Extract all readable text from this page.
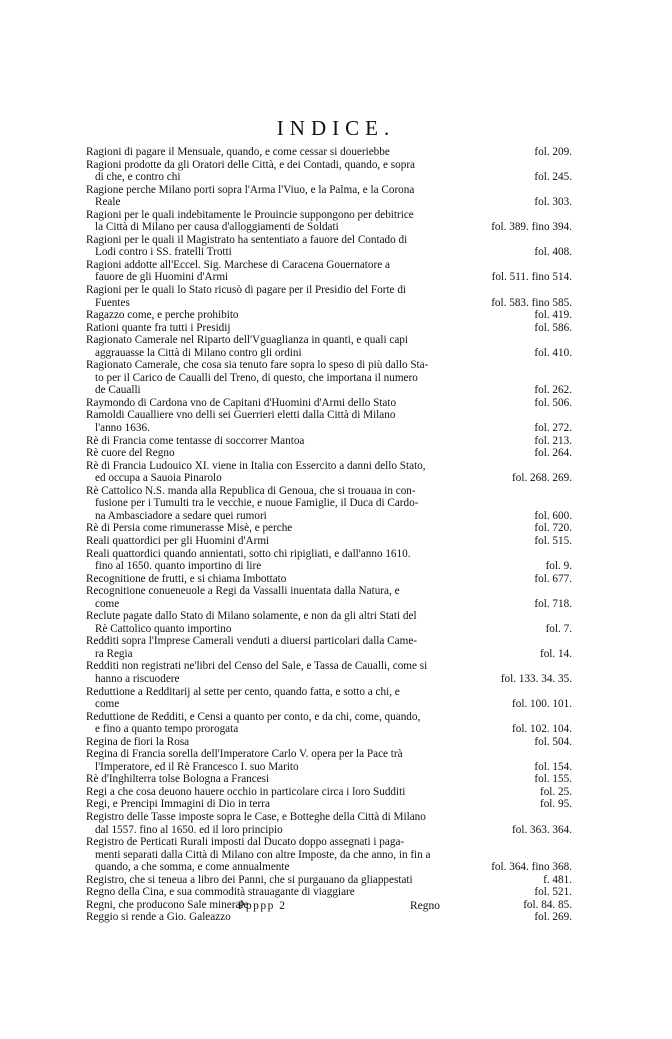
INDICE.
Ragioni di pagare il Mensuale, quando, e come cessar si doueriebbe	fol. 209.
Ragioni prodotte da gli Oratori delle Città, e dei Contadi, quando, e sopra
di che, e contro chi	fol. 245.
Ragione perche Milano porti sopra l'Arma l'Viuo, e la Palma, e la Corona
Reale	fol. 303.
Ragioni per le quali indebitamente le Prouincie suppongono per debitrice
la Città di Milano per causa d'alloggiamenti de Soldati	fol. 389. fino 394.
Ragioni per le quali il Magistrato ha sententiato a fauore del Contado di
Lodi contro i SS. fratelli Trotti	fol. 408.
Ragioni addotte all'Eccel. Sig. Marchese di Caracena Gouernatore a
fauore de gli Huomini d'Armi	fol. 511. fino 514.
Ragioni per le quali lo Stato ricusò di pagare per il Presidio del Forte di
Fuentes	fol. 583. fino 585.
Ragazzo come, e perche prohibito	fol. 419.
Rationi quante fra tutti i Presidij	fol. 586.
Ragionato Camerale nel Riparto dell'Vguaglianza in quanti, e quali capi
aggrauasse la Città di Milano contro gli ordini	fol. 410.
Ragionato Camerale, che cosa sia tenuto fare sopra lo speso di più dallo Sta-
to per il Carico de Caualli del Treno, di questo, che importana il numero
de Caualli	fol. 262.
Raymondo di Cardona vno de Capitani d'Huomini d'Armi dello Stato	fol. 506.
Ramoldi Caualliere vno delli sei Guerrieri eletti dalla Città di Milano
l'anno 1636.	fol. 272.
Rè di Francia come tentasse di soccorrer Mantoa	fol. 213.
Rè cuore del Regno	fol. 264.
Rè di Francia Ludouico XI. viene in Italia con Essercito a danni dello Stato,
ed occupa a Sauoia Pinarolo	fol. 268. 269.
Rè Cattolico N.S. manda alla Republica di Genoua, che si trouaua in con-
fusione per i Tumulti tra le vecchie, e nuoue Famiglie, il Duca di Cardo-
na Ambasciadore a sedare quei rumori	fol. 600.
Rè di Persia come rimunerasse Misè, e perche	fol. 720.
Reali quattordici per gli Huomini d'Armi	fol. 515.
Reali quattordici quando annientati, sotto chi ripigliati, e dall'anno 1610.
fino al 1650. quanto importino di lire	fol. 9.
Recognitione de frutti, e si chiama Imbottato	fol. 677.
Recognitione conueneuole a Regi da Vassalli inuentata dalla Natura, e
come	fol. 718.
Reclute pagate dallo Stato di Milano solamente, e non da gli altri Stati del
Rè Cattolico quanto importino	fol. 7.
Redditi sopra l'Imprese Camerali venduti a diuersi particolari dalla Came-
ra Regia	fol. 14.
Redditi non registrati ne'libri del Censo del Sale, e Tassa de Caualli, come si
hanno a riscuodere	fol. 133. 34. 35.
Reduttione a Redditarij al sette per cento, quando fatta, e sotto a chi, e
come	fol. 100. 101.
Reduttione de Redditi, e Censi a quanto per conto, e da chi, come, quando,
e fino a quanto tempo prorogata	fol. 102. 104.
Regina de fiori la Rosa	fol. 504.
Regina di Francia sorella dell'Imperatore Carlo V. opera per la Pace trà
l'Imperatore, ed il Rè Francesco I. suo Marito	fol. 154.
Rè d'Inghilterra tolse Bologna a Francesi	fol. 155.
Regi a che cosa deuono hauere occhio in particolare circa i loro Sudditi	fol. 25.
Regi, e Prencipi Immagini di Dio in terra	fol. 95.
Registro delle Tasse imposte sopra le Case, e Botteghe della Città di Milano
dal 1557. fino al 1650. ed il loro principio	fol. 363. 364.
Registro de Perticati Rurali imposti dal Ducato doppo assegnati i paga-
menti separati dalla Città di Milano con altre Imposte, da che anno, in fin a
quando, a che somma, e come annualmente	fol. 364. fino 368.
Registro, che si teneua a libro dei Panni, che si purgauano da gliappestati	f. 481.
Regno della Cina, e sua commodità strauagante di viaggiare	fol. 521.
Regni, che producono Sale minerale	fol. 84. 85.
Reggio si rende a Gio. Galeazzo	fol. 269.
Ppppp 2	Regno
